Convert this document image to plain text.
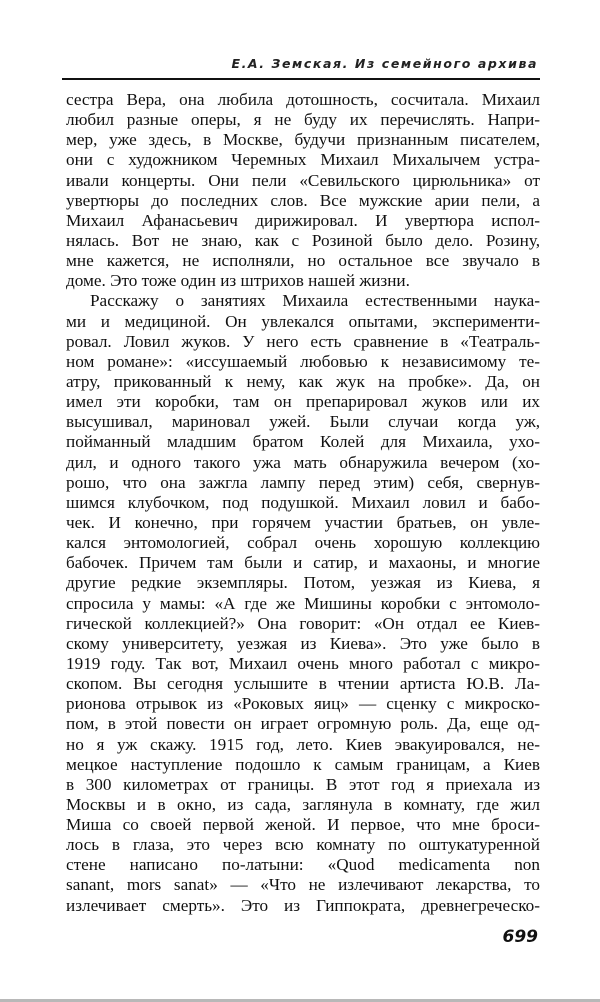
Е.А. Земская. Из семейного архива
сестра Вера, она любила дотошность, сосчитала. Михаил
любил разные оперы, я не буду их перечислять. Напри-
мер, уже здесь, в Москве, будучи признанным писателем,
они с художником Черемных Михаил Михалычем устра-
ивали концерты. Они пели «Севильского цирюльника» от
увертюры до последних слов. Все мужские арии пели, а
Михаил Афанасьевич дирижировал. И увертюра испол-
нялась. Вот не знаю, как с Розиной было дело. Розину,
мне кажется, не исполняли, но остальное все звучало в
доме. Это тоже один из штрихов нашей жизни.
Расскажу о занятиях Михаила естественными наука-
ми и медициной. Он увлекался опытами, эксперименти-
ровал. Ловил жуков. У него есть сравнение в «Театраль-
ном романе»: «иссушаемый любовью к независимому те-
атру, прикованный к нему, как жук на пробке». Да, он
имел эти коробки, там он препарировал жуков или их
высушивал, мариновал ужей. Были случаи когда уж,
пойманный младшим братом Колей для Михаила, ухо-
дил, и одного такого ужа мать обнаружила вечером (хо-
рошо, что она зажгла лампу перед этим) себя, свернув-
шимся клубочком, под подушкой. Михаил ловил и бабо-
чек. И конечно, при горячем участии братьев, он увле-
кался энтомологией, собрал очень хорошую коллекцию
бабочек. Причем там были и сатир, и махаоны, и многие
другие редкие экземпляры. Потом, уезжая из Киева, я
спросила у мамы: «А где же Мишины коробки с энтомоло-
гической коллекцией?» Она говорит: «Он отдал ее Киев-
скому университету, уезжая из Киева». Это уже было в
1919 году. Так вот, Михаил очень много работал с микро-
скопом. Вы сегодня услышите в чтении артиста Ю.В. Ла-
рионова отрывок из «Роковых яиц» — сценку с микроско-
пом, в этой повести он играет огромную роль. Да, еще од-
но я уж скажу. 1915 год, лето. Киев эвакуировался, не-
мецкое наступление подошло к самым границам, а Киев
в 300 километрах от границы. В этот год я приехала из
Москвы и в окно, из сада, заглянула в комнату, где жил
Миша со своей первой женой. И первое, что мне броси-
лось в глаза, это через всю комнату по оштукатуренной
стене написано по-латыни: «Quod medicamenta non
sanant, mors sanat» — «Что не излечивают лекарства, то
излечивает смерть». Это из Гиппократа, древнегреческо-
699
